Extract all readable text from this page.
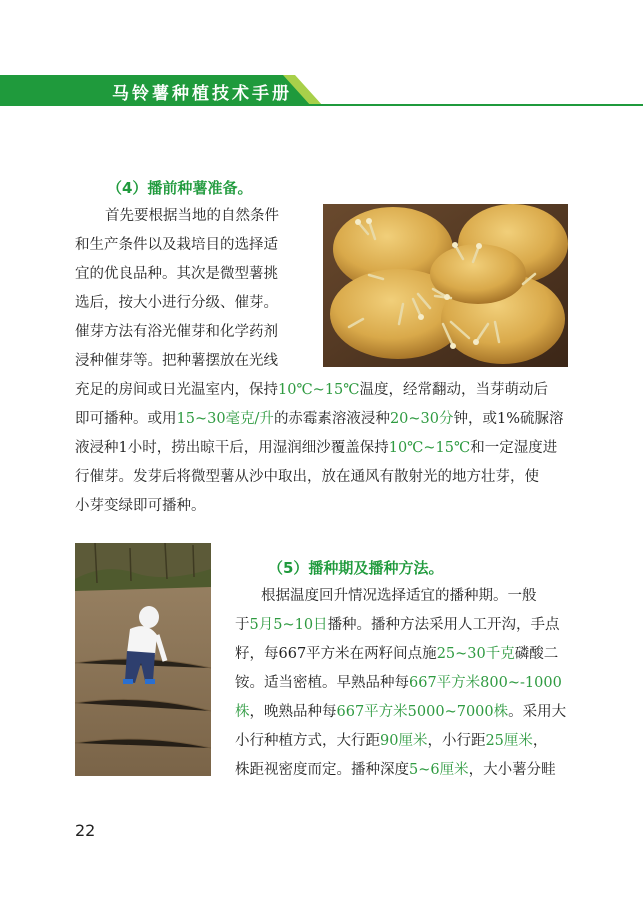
马铃薯种植技术手册
（4）播前种薯准备。
首先要根据当地的自然条件
和生产条件以及栽培目的选择适
宜的优良品种。其次是微型薯挑
选后，按大小进行分级、催芽。
催芽方法有浴光催芽和化学药剂
浸种催芽等。把种薯摆放在光线
充足的房间或日光温室内，保持10℃~15℃温度，经常翻动，当芽萌动后
即可播种。或用15~30毫克/升的赤霉素溶液浸种20~30分钟，或1%硫脲溶
液浸种1小时，捞出晾干后，用湿润细沙覆盖保持10℃~15℃和一定湿度进
行催芽。发芽后将微型薯从沙中取出，放在通风有散射光的地方壮芽，使
小芽变绿即可播种。
（5）播种期及播种方法。
根据温度回升情况选择适宜的播种期。一般
于5月5~10日播种。播种方法采用人工开沟，手点
籽，每667平方米在两籽间点施25~30千克磷酸二
铵。适当密植。早熟品种每667平方米800~-1000
株，晚熟品种每667平方米5000~7000株。采用大
小行种植方式，大行距90厘米，小行距25厘米，
株距视密度而定。播种深度5~6厘米，大小薯分畦
22
